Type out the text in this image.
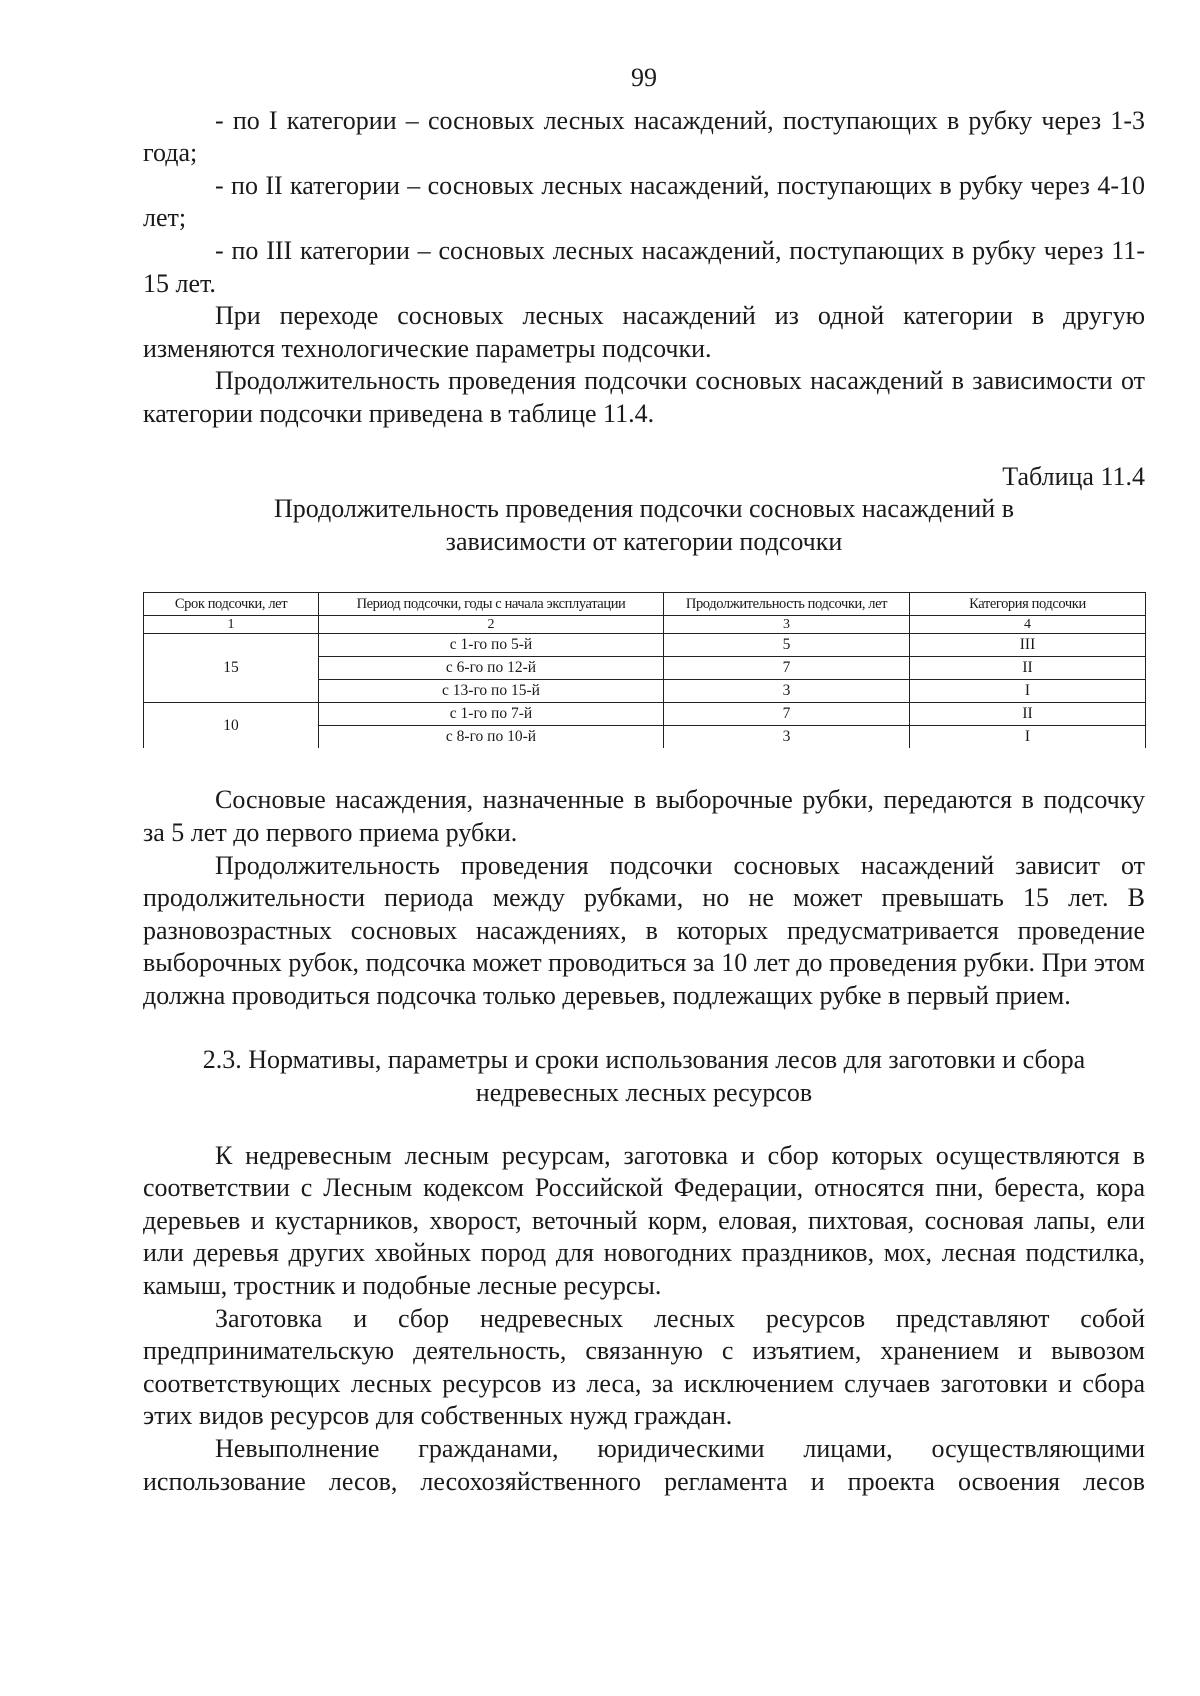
99

- по I категории – сосновых лесных насаждений, поступающих в рубку через 1-3 года;

- по II категории – сосновых лесных насаждений, поступающих в рубку через 4-10 лет;

- по III категории – сосновых лесных насаждений, поступающих в рубку через 11-15 лет.

При переходе сосновых лесных насаждений из одной категории в другую изменяются технологические параметры подсочки.

Продолжительность проведения подсочки сосновых насаждений в зависимости от категории подсочки приведена в таблице 11.4.

Таблица 11.4
Продолжительность проведения подсочки сосновых насаждений в
зависимости от категории подсочки
Срок подсочки, лет	Период подсочки, годы с начала эксплуатации	Продолжительность подсочки, лет	Категория подсочки
1	2	3	4
15	с 1-го по 5-й	5	III
	с 6-го по 12-й	7	II
	с 13-го по 15-й	3	I
10	с 1-го по 7-й	7	II
	с 8-го по 10-й	3	I

Сосновые насаждения, назначенные в выборочные рубки, передаются в подсочку за 5 лет до первого приема рубки.

Продолжительность проведения подсочки сосновых насаждений зависит от продолжительности периода между рубками, но не может превышать 15 лет. В разновозрастных сосновых насаждениях, в которых предусматривается проведение выборочных рубок, подсочка может проводиться за 10 лет до проведения рубки. При этом должна проводиться подсочка только деревьев, подлежащих рубке в первый прием.

2.3. Нормативы, параметры и сроки использования лесов для заготовки и сбора
недревесных лесных ресурсов

К недревесным лесным ресурсам, заготовка и сбор которых осуществляются в соответствии с Лесным кодексом Российской Федерации, относятся пни, береста, кора деревьев и кустарников, хворост, веточный корм, еловая, пихтовая, сосновая лапы, ели или деревья других хвойных пород для новогодних праздников, мох, лесная подстилка, камыш, тростник и подобные лесные ресурсы.

Заготовка и сбор недревесных лесных ресурсов представляют собой предпринимательскую деятельность, связанную с изъятием, хранением и вывозом соответствующих лесных ресурсов из леса, за исключением случаев заготовки и сбора этих видов ресурсов для собственных нужд граждан.

Невыполнение гражданами, юридическими лицами, осуществляющими использование лесов, лесохозяйственного регламента и проекта освоения лесов
